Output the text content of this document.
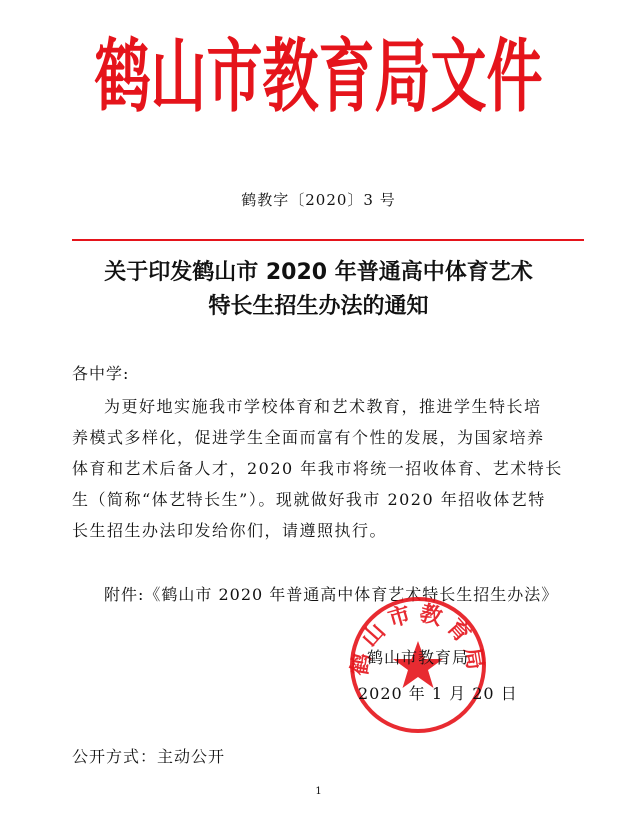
鹤山市教育局文件
鹤教字〔2020〕3 号
关于印发鹤山市 2020 年普通高中体育艺术
特长生招生办法的通知
各中学:
为更好地实施我市学校体育和艺术教育，推进学生特长培
养模式多样化，促进学生全面而富有个性的发展，为国家培养
体育和艺术后备人才，2020 年我市将统一招收体育、艺术特长
生（简称“体艺特长生”）。现就做好我市 2020 年招收体艺特
长生招生办法印发给你们，请遵照执行。
附件:《鹤山市 2020 年普通高中体育艺术特长生招生办法》
鹤山市教育局
鹤山市教育局
2020 年 1 月 20 日
公开方式：主动公开
1
